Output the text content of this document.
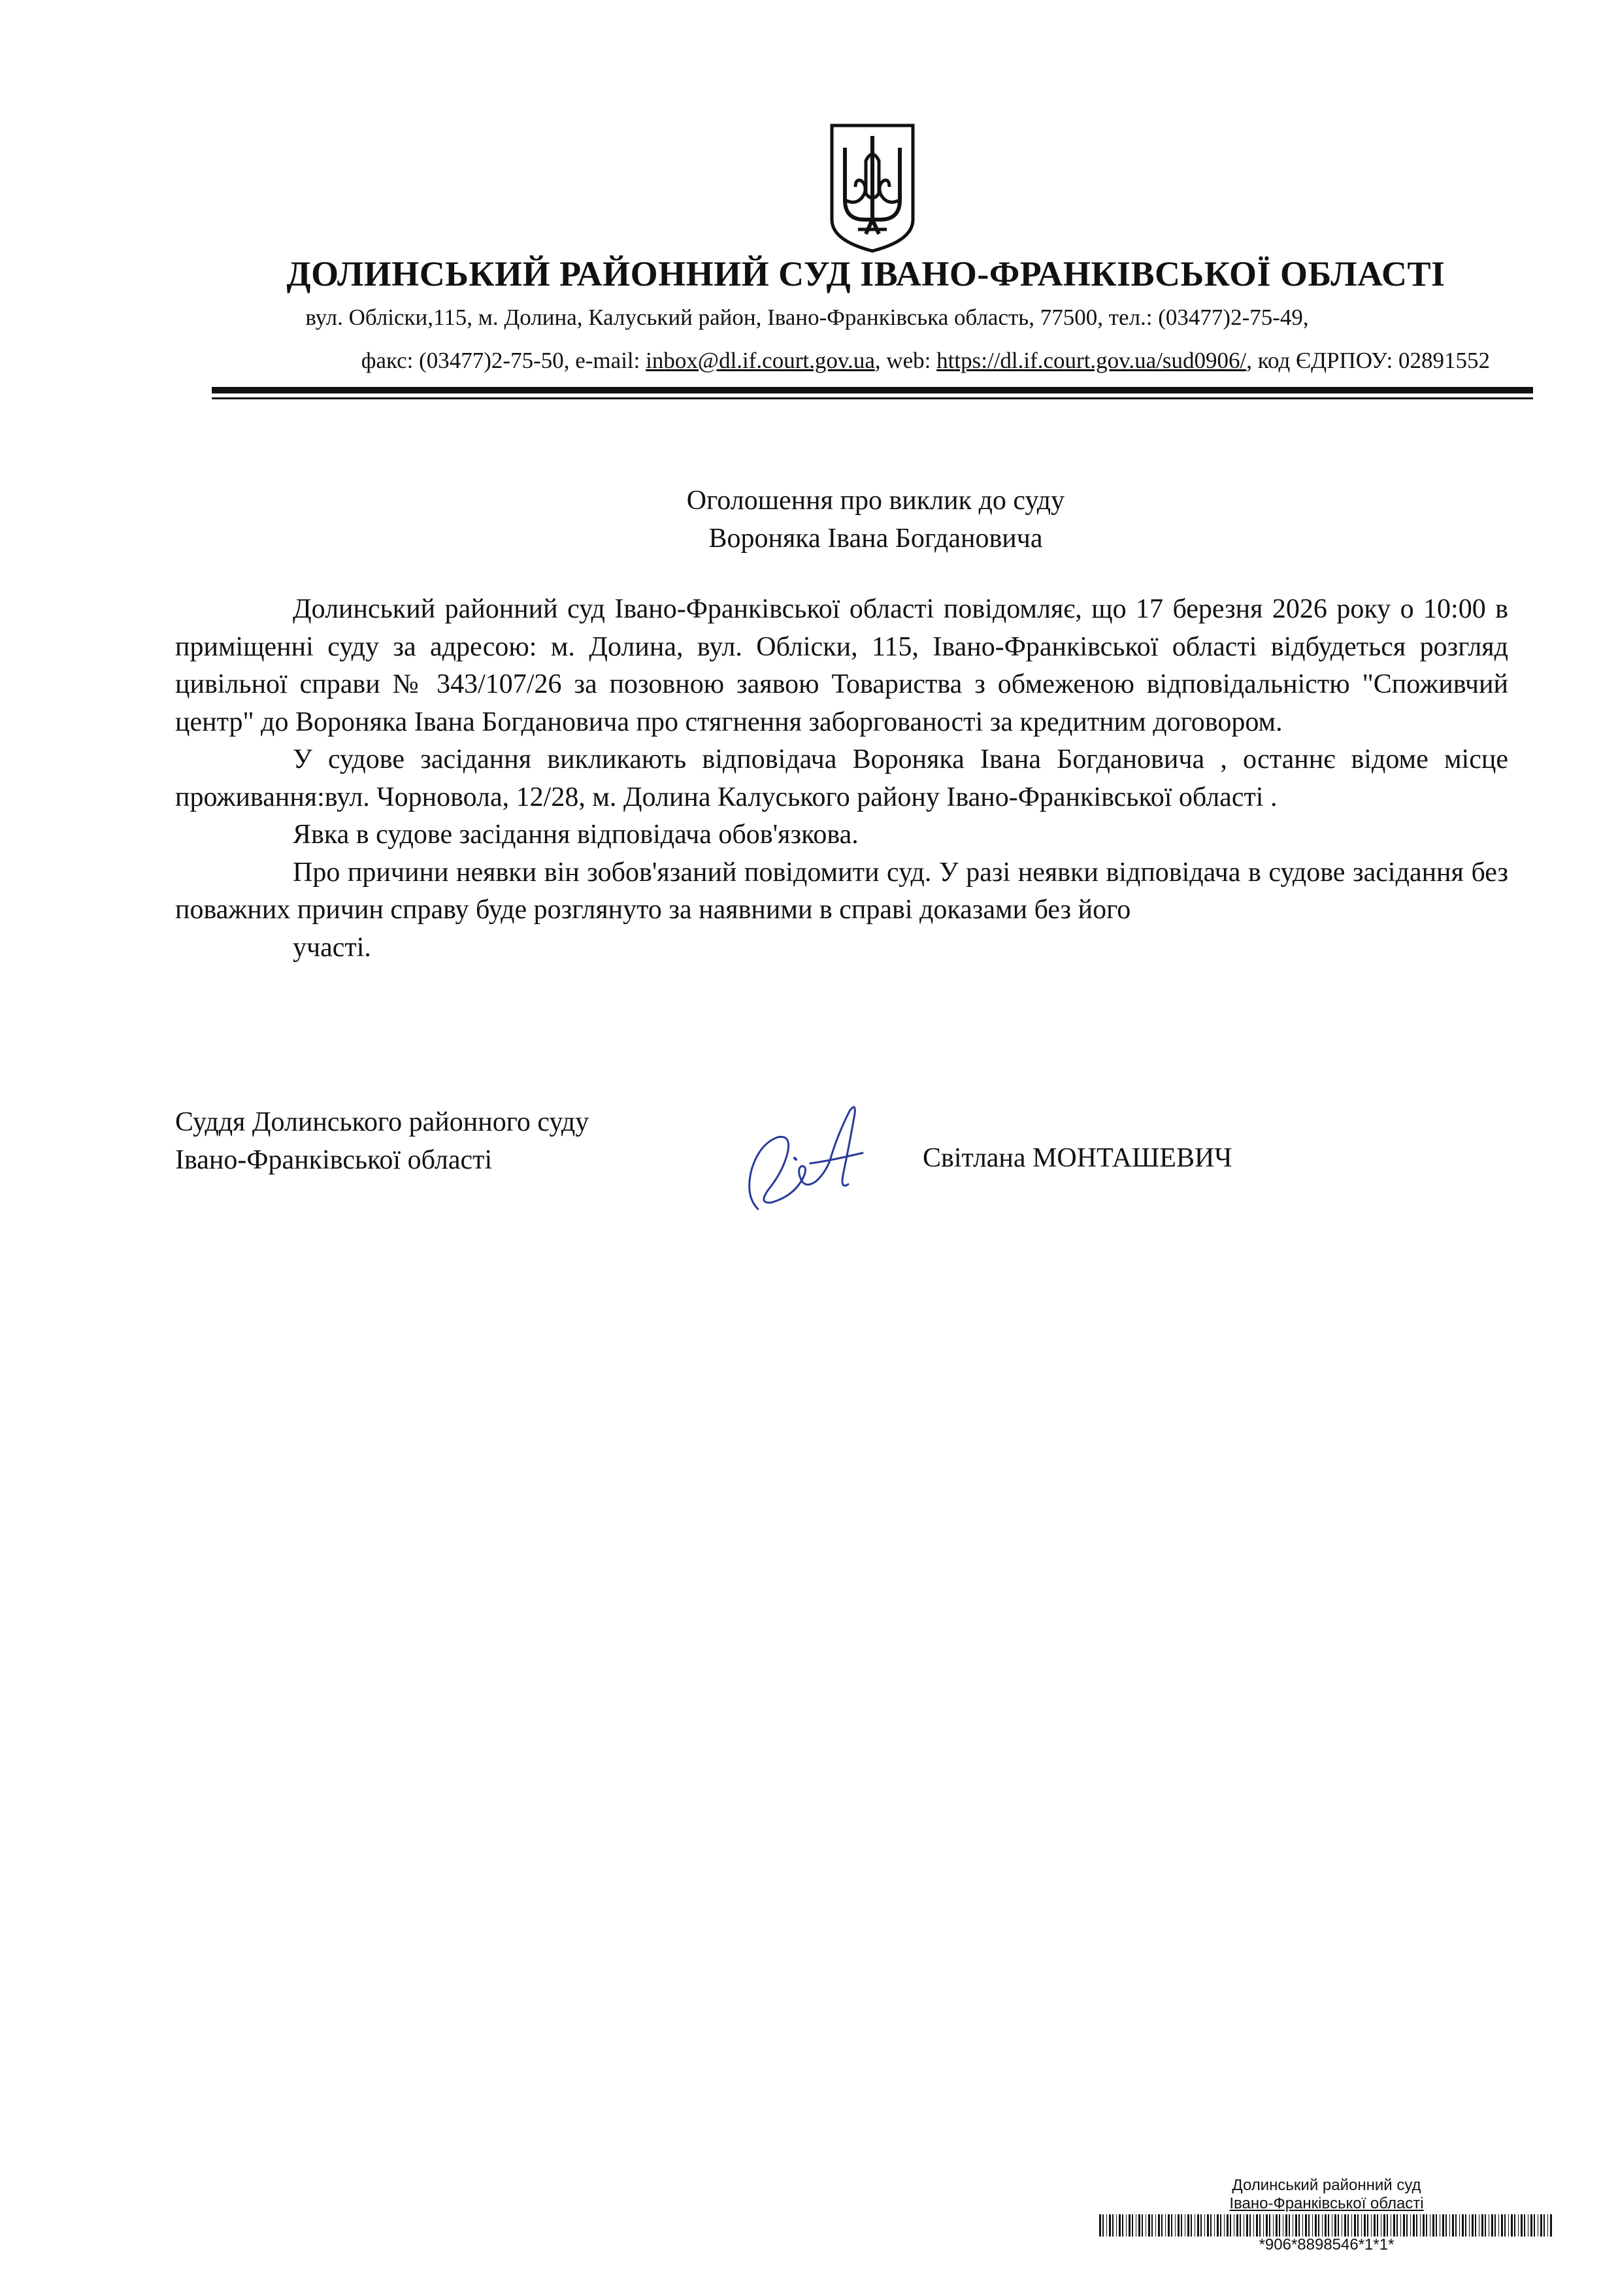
ДОЛИНСЬКИЙ РАЙОННИЙ СУД ІВАНО-ФРАНКІВСЬКОЇ ОБЛАСТІ
вул. Обліски,115, м. Долина, Калуський район, Івано-Франківська область, 77500, тел.: (03477)2-75-49,
факс: (03477)2-75-50, e-mail: inbox@dl.if.court.gov.ua, web: https://dl.if.court.gov.ua/sud0906/, код ЄДРПОУ: 02891552
Оголошення про виклик до суду
Вороняка Івана Богдановича

Долинський районний суд Івано-Франківської області повідомляє, що 17 березня 2026 року о 10:00 в приміщенні суду за адресою: м. Долина, вул. Обліски, 115, Івано-Франківської області відбудеться розгляд цивільної справи № 343/107/26 за позовною заявою Товариства з обмеженою відповідальністю "Споживчий центр" до Вороняка Івана Богдановича про стягнення заборгованості за кредитним договором.

У судове засідання викликають відповідача Вороняка Івана Богдановича , останнє відоме місце проживання:вул. Чорновола, 12/28, м. Долина Калуського району Івано-Франківської області .

Явка в судове засідання відповідача обов'язкова.

Про причини неявки він зобов'язаний повідомити суд. У разі неявки відповідача в судове засідання без поважних причин справу буде розглянуто за наявними в справі доказами без його

участі.

Суддя Долинського районного суду
Івано-Франківської області	Світлана МОНТАШЕВИЧ
Долинський районний суд
Івано-Франківської області
*906*8898546*1*1*
